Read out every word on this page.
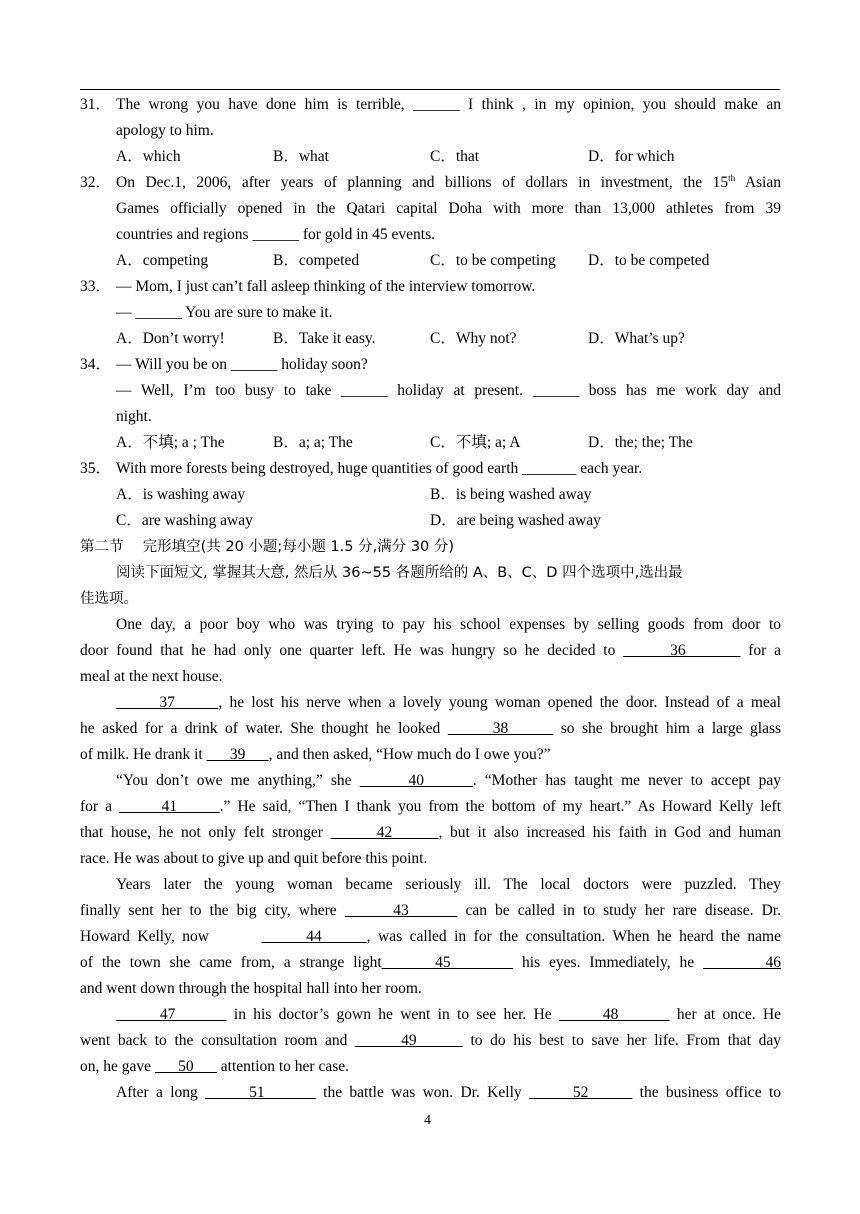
31． The wrong you have done him is terrible, ______ I think , in my opinion, you should make an
apology to him.
A．which	B．what	C．that	D．for which
32． On Dec.1, 2006, after years of planning and billions of dollars in investment, the 15th Asian
Games officially opened in the Qatari capital Doha with more than 13,000 athletes from 39
countries and regions ______ for gold in 45 events.
A．competing	B．competed	C．to be competing D．to be competed
33． — Mom, I just can’t fall asleep thinking of the interview tomorrow.
— ______ You are sure to make it.
A．Don’t worry!	B．Take it easy.	C．Why not?	D．What’s up?
34． — Will you be on ______ holiday soon?
— Well, I’m too busy to take ______ holiday at present. ______ boss has me work day and
night.
A．不填; a ; The	B．a; a; The	C．不填; a; A	D．the; the; The
35． With more forests being destroyed, huge quantities of good earth _______ each year.
A．is washing away	B．is being washed away
C．are washing away	D．are being washed away
第二节　 完形填空(共 20 小题;每小题 1.5 分,满分 30 分)
阅读下面短文, 掌握其大意, 然后从 36~55 各题所给的 A、B、C、D 四个选项中,选出最
佳选项。
One day, a poor boy who was trying to pay his school expenses by selling goods from door to
door found that he had only one quarter left. He was hungry so he decided to       36        for a
meal at the next house.
37      , he lost his nerve when a lovely young woman opened the door. Instead of a meal
he asked for a drink of water. She thought he looked       38       so she brought him a large glass
of milk. He drank it       39      , and then asked, “How much do I owe you?”
“You don’t owe me anything,” she       40      . “Mother has taught me never to accept pay
for a       41      .” He said, “Then I thank you from the bottom of my heart.” As Howard Kelly left
that house, he not only felt stronger       42      , but it also increased his faith in God and human
race. He was about to give up and quit before this point.
Years later the young woman became seriously ill. The local doctors were puzzled. They
finally sent her to the big city, where       43       can be called in to study her rare disease. Dr.
Howard Kelly, now	44      , was called in for the consultation. When he heard the name
of the town she came from, a strange light      45        his eyes. Immediately, he        46
and went down through the hospital hall into her room.
47        in his doctor’s gown he went in to see her. He       48        her at once. He
went back to the consultation room and       49       to do his best to save her life. From that day
on, he gave       50       attention to her case.
After a long       51        the battle was won. Dr. Kelly       52       the business office to
4
